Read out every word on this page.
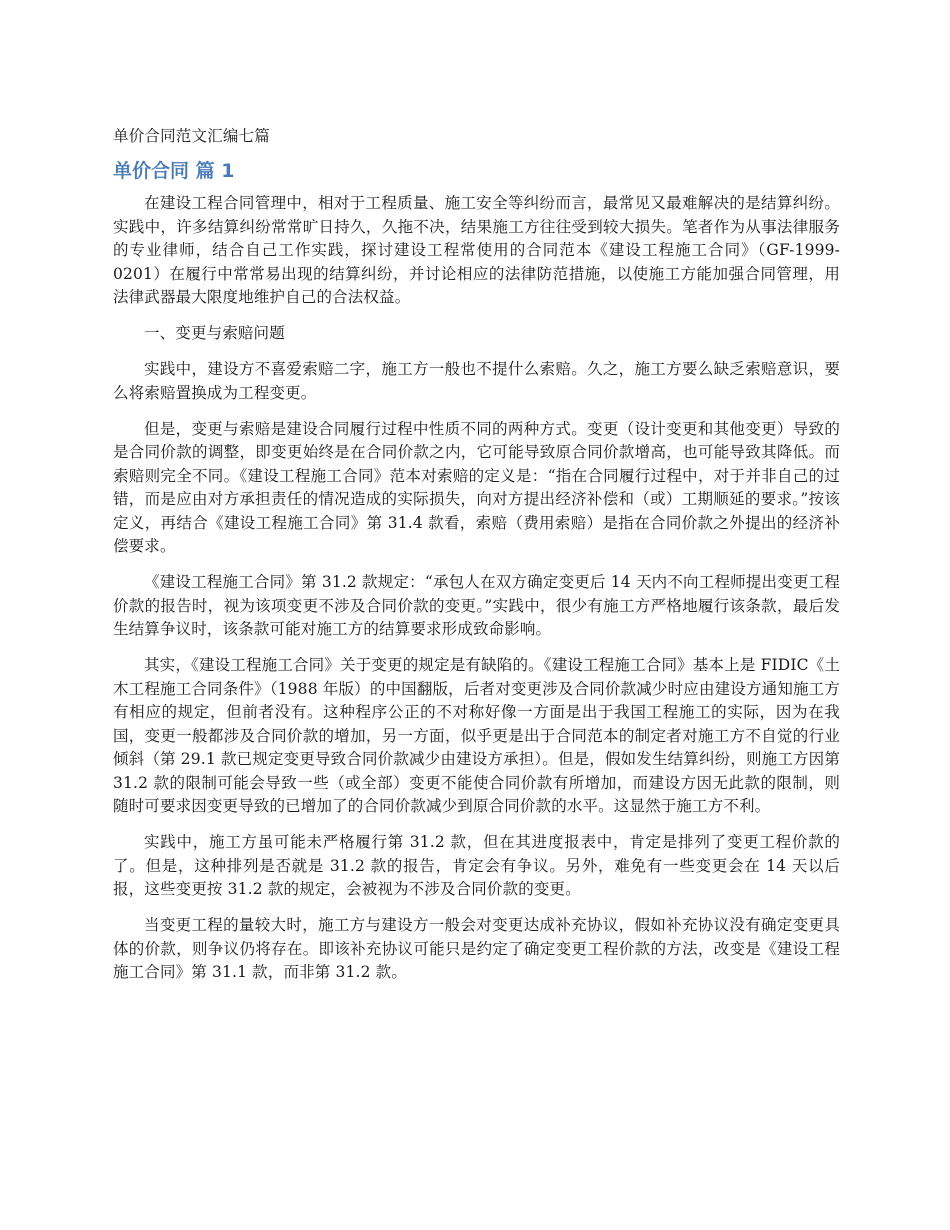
单价合同范文汇编七篇
单价合同 篇 1

在建设工程合同管理中，相对于工程质量、施工安全等纠纷而言，最常见又最难解决的是结算纠纷。实践中，许多结算纠纷常常旷日持久，久拖不决，结果施工方往往受到较大损失。笔者作为从事法律服务的专业律师，结合自己工作实践，探讨建设工程常使用的合同范本《建设工程施工合同》（GF-1999-0201）在履行中常常易出现的结算纠纷，并讨论相应的法律防范措施，以使施工方能加强合同管理，用法律武器最大限度地维护自己的合法权益。

一、变更与索赔问题

实践中，建设方不喜爱索赔二字，施工方一般也不提什么索赔。久之，施工方要么缺乏索赔意识，要么将索赔置换成为工程变更。

但是，变更与索赔是建设合同履行过程中性质不同的两种方式。变更（设计变更和其他变更）导致的是合同价款的调整，即变更始终是在合同价款之内，它可能导致原合同价款增高，也可能导致其降低。而索赔则完全不同。《建设工程施工合同》范本对索赔的定义是：“指在合同履行过程中，对于并非自己的过错，而是应由对方承担责任的情况造成的实际损失，向对方提出经济补偿和（或）工期顺延的要求。”按该定义，再结合《建设工程施工合同》第 31.4 款看，索赔（费用索赔）是指在合同价款之外提出的经济补偿要求。

《建设工程施工合同》第 31.2 款规定：“承包人在双方确定变更后 14 天内不向工程师提出变更工程价款的报告时，视为该项变更不涉及合同价款的变更。”实践中，很少有施工方严格地履行该条款，最后发生结算争议时，该条款可能对施工方的结算要求形成致命影响。

其实，《建设工程施工合同》关于变更的规定是有缺陷的。《建设工程施工合同》基本上是 FIDIC《土木工程施工合同条件》（1988 年版）的中国翻版，后者对变更涉及合同价款减少时应由建设方通知施工方有相应的规定，但前者没有。这种程序公正的不对称好像一方面是出于我国工程施工的实际，因为在我国，变更一般都涉及合同价款的增加，另一方面，似乎更是出于合同范本的制定者对施工方不自觉的行业倾斜（第 29.1 款已规定变更导致合同价款减少由建设方承担）。但是，假如发生结算纠纷，则施工方因第 31.2 款的限制可能会导致一些（或全部）变更不能使合同价款有所增加，而建设方因无此款的限制，则随时可要求因变更导致的已增加了的合同价款减少到原合同价款的水平。这显然于施工方不利。

实践中，施工方虽可能未严格履行第 31.2 款，但在其进度报表中，肯定是排列了变更工程价款的了。但是，这种排列是否就是 31.2 款的报告，肯定会有争议。另外，难免有一些变更会在 14 天以后报，这些变更按 31.2 款的规定，会被视为不涉及合同价款的变更。

当变更工程的量较大时，施工方与建设方一般会对变更达成补充协议，假如补充协议没有确定变更具体的价款，则争议仍将存在。即该补充协议可能只是约定了确定变更工程价款的方法，改变是《建设工程施工合同》第 31.1 款，而非第 31.2 款。
